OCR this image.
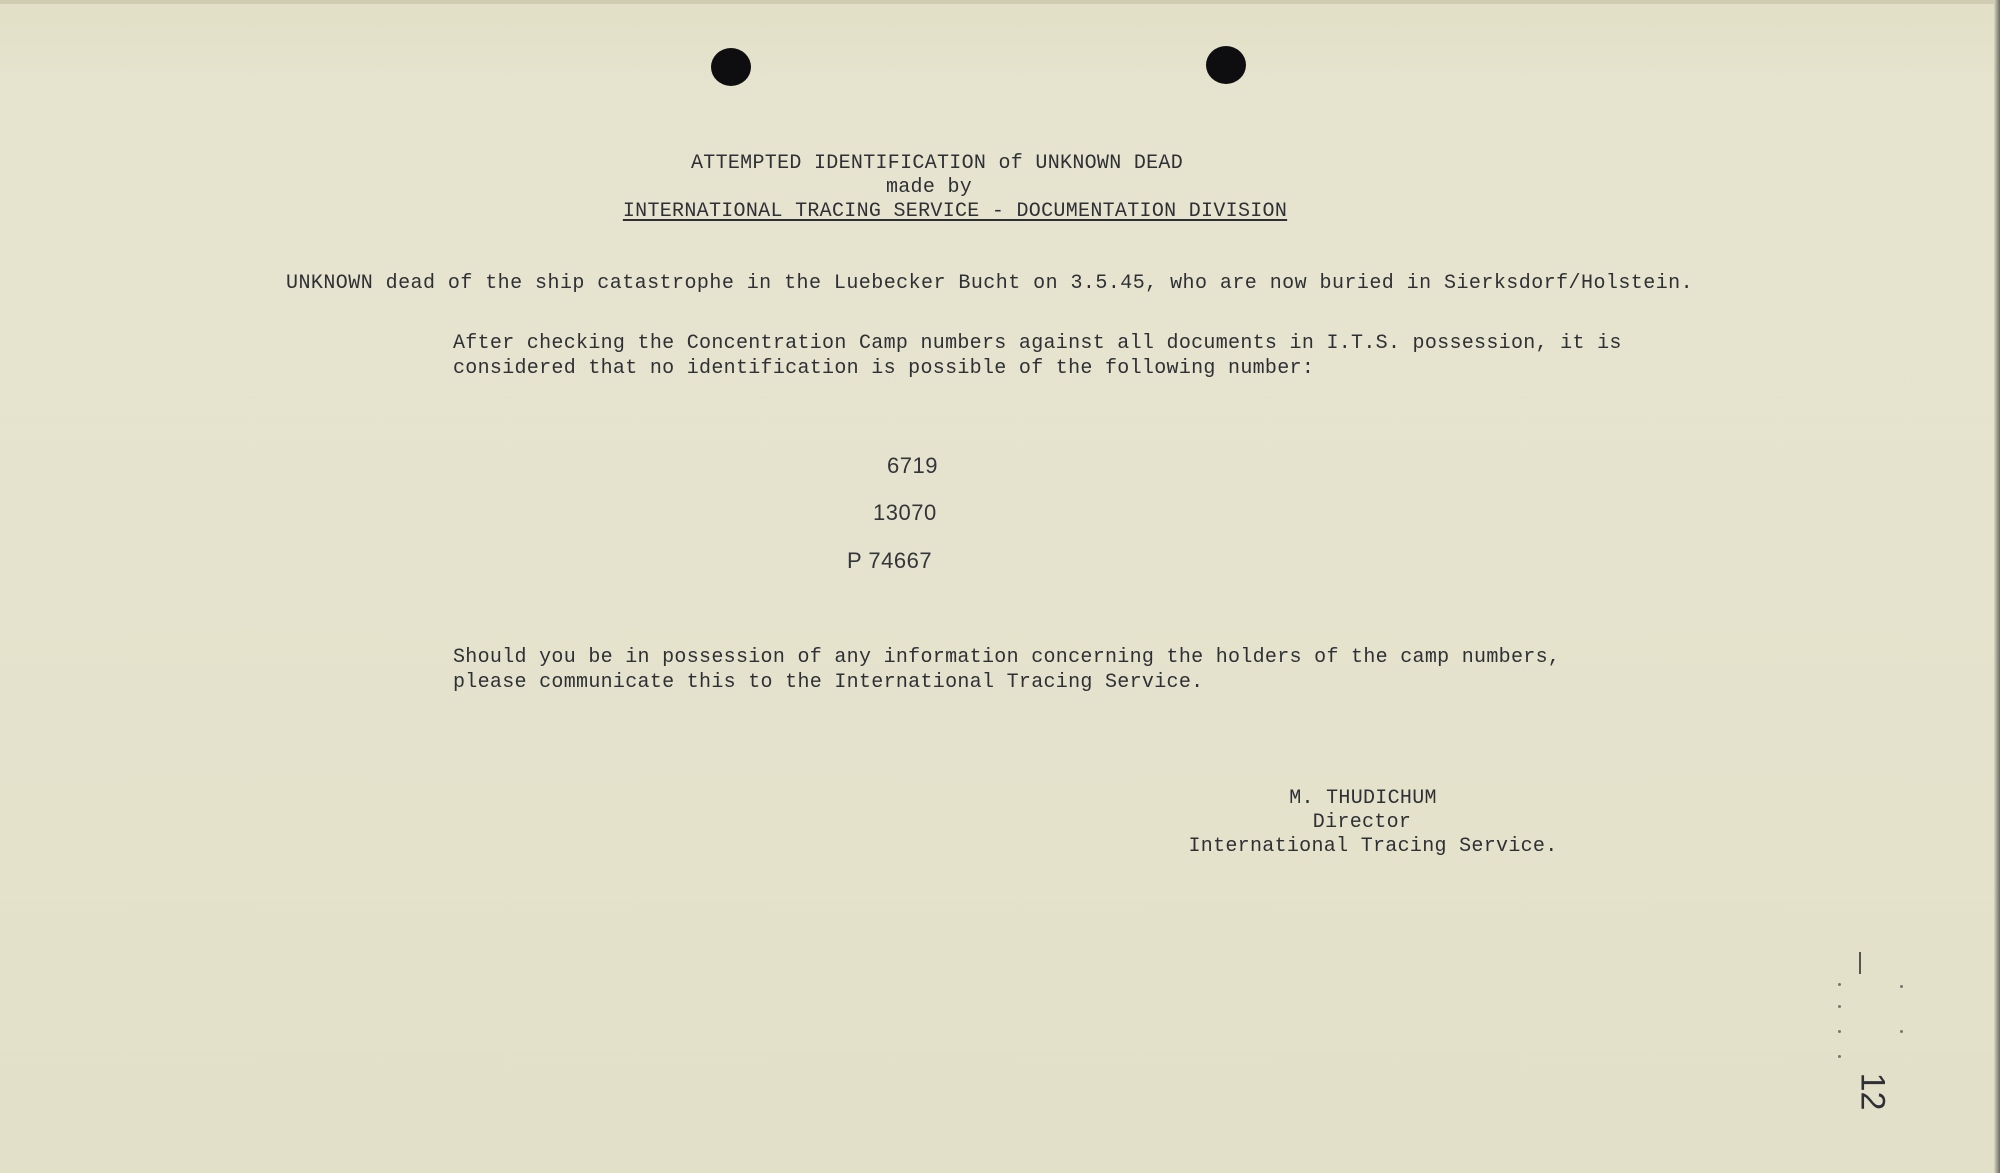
ATTEMPTED IDENTIFICATION of UNKNOWN DEAD
made by
INTERNATIONAL TRACING SERVICE - DOCUMENTATION DIVISION
UNKNOWN dead of the ship catastrophe in the Luebecker Bucht on 3.5.45, who are now buried in Sierksdorf/Holstein.
After checking the Concentration Camp numbers against all documents in I.T.S. possession, it is
considered that no identification is possible of the following number:
6719
13070
P 74667
Should you be in possession of any information concerning the holders of the camp numbers,
please communicate this to the International Tracing Service.
M. THUDICHUM
Director
International Tracing Service.
12
